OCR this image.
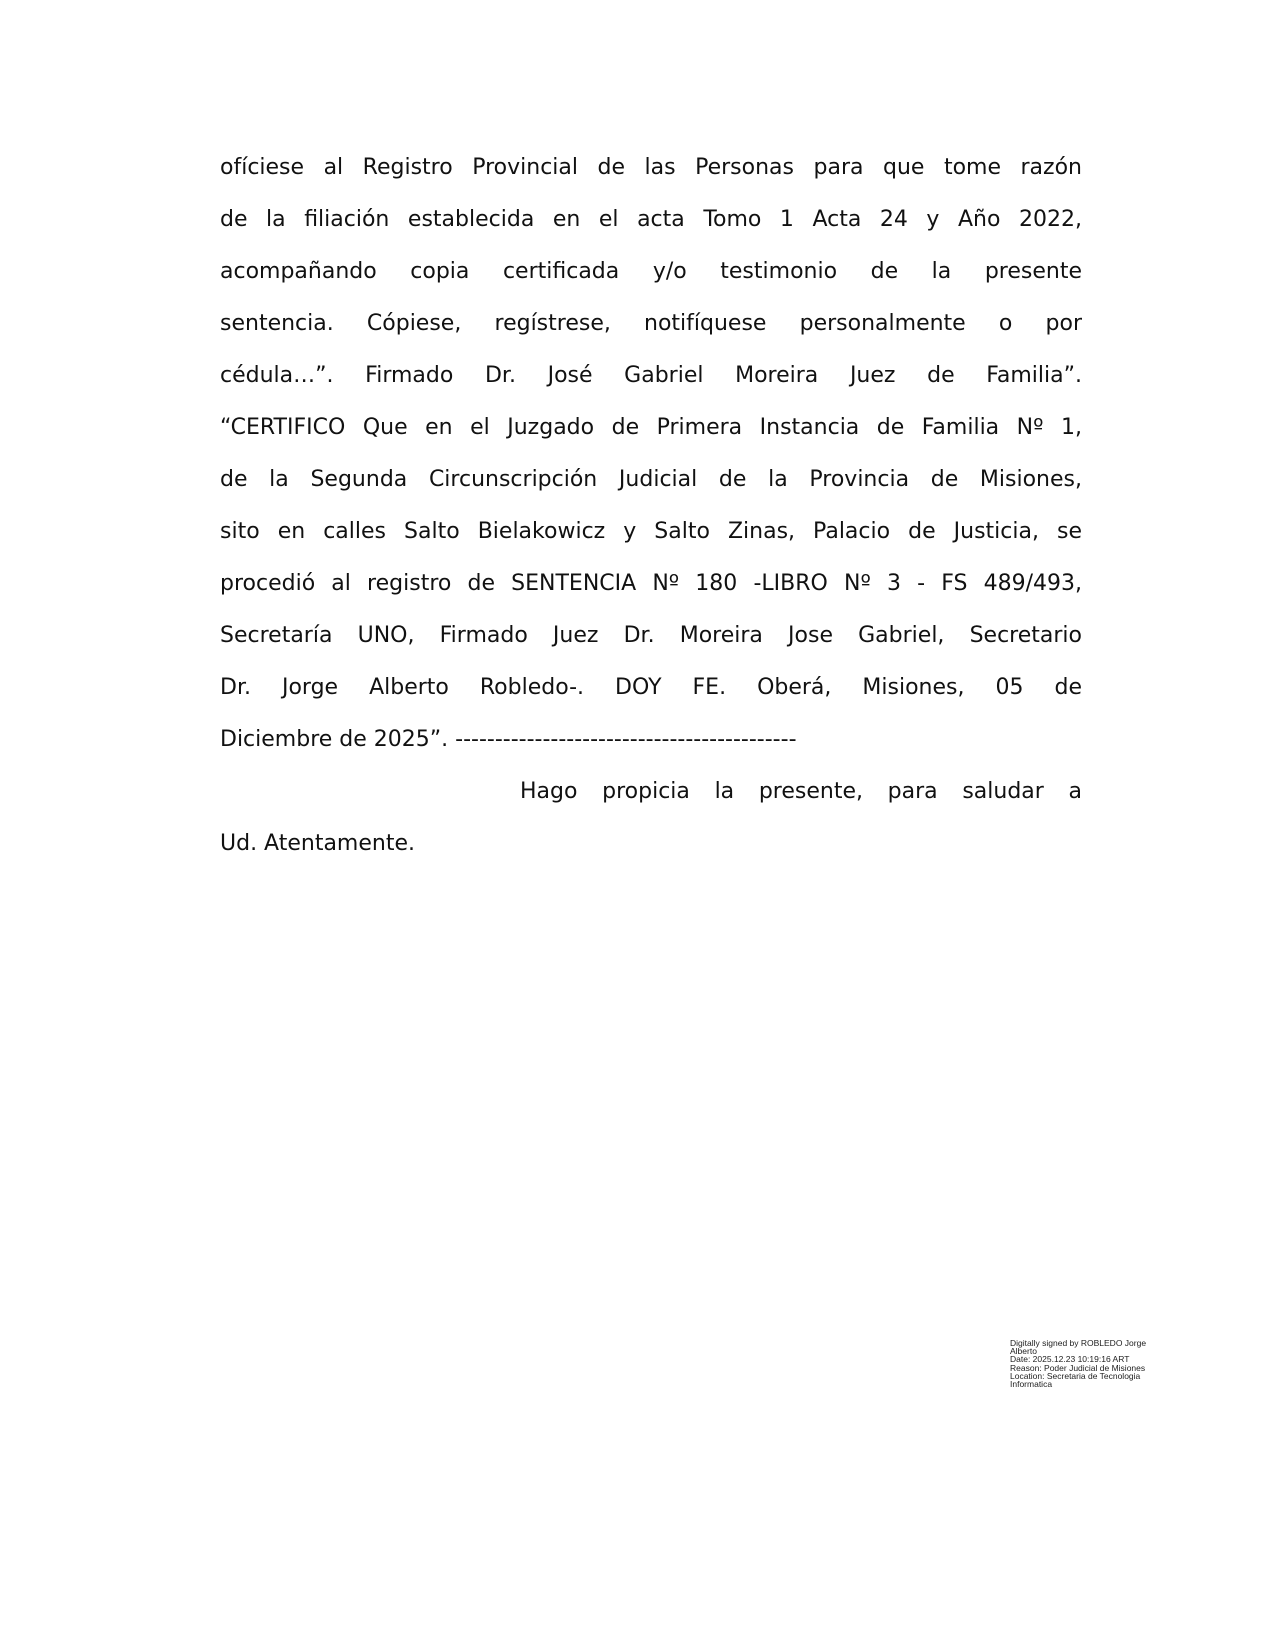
ofíciese al Registro Provincial de las Personas para que tome razón
de la filiación establecida en el acta Tomo 1 Acta 24 y Año 2022,
acompañando copia certificada y/o testimonio de la presente
sentencia. Cópiese, regístrese, notifíquese personalmente o por
cédula…”. Firmado Dr. José Gabriel Moreira Juez de Familia”.
“CERTIFICO Que en el Juzgado de Primera Instancia de Familia Nº 1,
de la Segunda Circunscripción Judicial de la Provincia de Misiones,
sito en calles Salto Bielakowicz y Salto Zinas, Palacio de Justicia, se
procedió al registro de SENTENCIA Nº 180 -LIBRO Nº 3 - FS 489/493,
Secretaría UNO, Firmado Juez Dr. Moreira Jose Gabriel, Secretario
Dr. Jorge Alberto Robledo-. DOY FE. Oberá, Misiones, 05 de
Diciembre de 2025”. -------------------------------------------
Hago propicia la presente, para saludar a
Ud. Atentamente.
Digitally signed by ROBLEDO Jorge
Alberto
Date: 2025.12.23 10:19:16 ART
Reason: Poder Judicial de Misiones
Location: Secretaria de Tecnologia
Informatica
